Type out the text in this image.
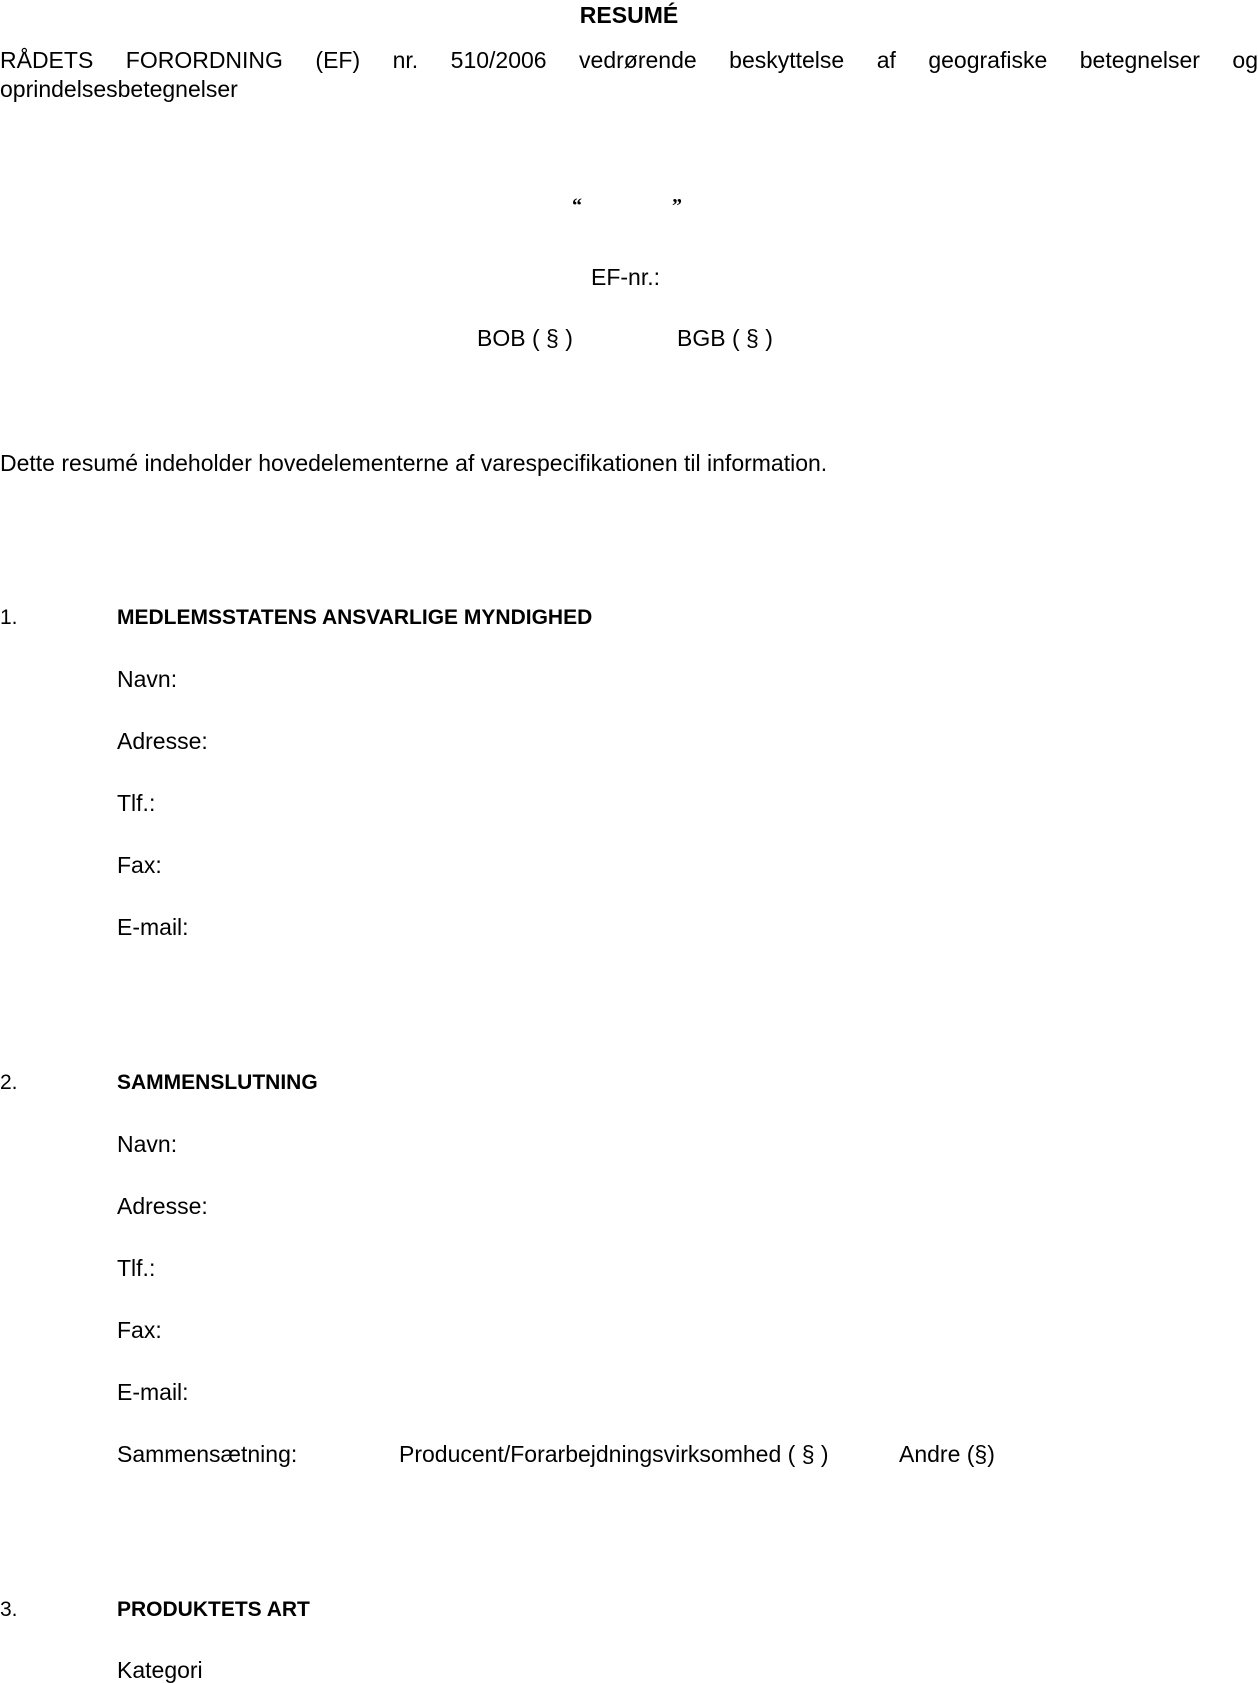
RESUMÉ
RÅDETS FORORDNING (EF) nr. 510/2006 vedrørende beskyttelse af geografiske betegnelser og
oprindelsesbetegnelser
“	”
EF-nr.:
BOB ( § )	BGB ( § )
Dette resumé indeholder hovedelementerne af varespecifikationen til information.
1.	MEDLEMSSTATENS ANSVARLIGE MYNDIGHED
Navn:
Adresse:
Tlf.:
Fax:
E-mail:
2.	SAMMENSLUTNING
Navn:
Adresse:
Tlf.:
Fax:
E-mail:
Sammensætning:	Producent/Forarbejdningsvirksomhed ( § )	Andre (§)
3.	PRODUKTETS ART
Kategori
